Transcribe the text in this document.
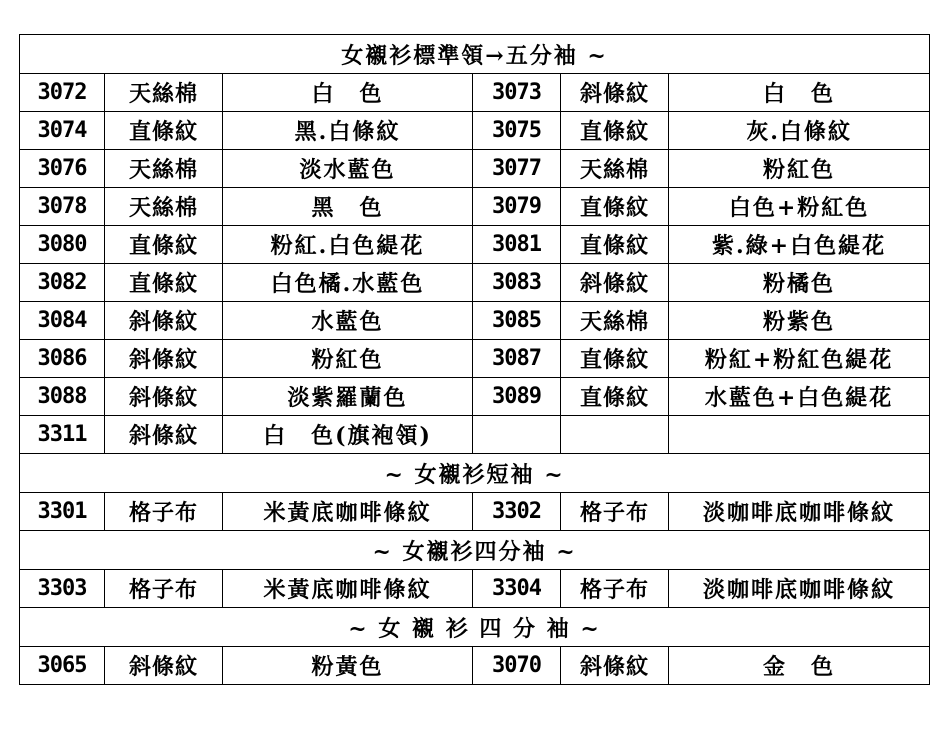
女襯衫標準領→五分袖 ~					
3072	天絲棉	白　色	3073	斜條紋	白　色
3074	直條紋	黑.白條紋	3075	直條紋	灰.白條紋
3076	天絲棉	淡水藍色	3077	天絲棉	粉紅色
3078	天絲棉	黑　色	3079	直條紋	白色+粉紅色
3080	直條紋	粉紅.白色緹花	3081	直條紋	紫.綠+白色緹花
3082	直條紋	白色橘.水藍色	3083	斜條紋	粉橘色
3084	斜條紋	水藍色	3085	天絲棉	粉紫色
3086	斜條紋	粉紅色	3087	直條紋	粉紅+粉紅色緹花
3088	斜條紋	淡紫羅蘭色	3089	直條紋	水藍色+白色緹花
3311	斜條紋	白　色(旗袍領)			
~ 女襯衫短袖 ~					
3301	格子布	米黃底咖啡條紋	3302	格子布	淡咖啡底咖啡條紋
~ 女襯衫四分袖 ~					
3303	格子布	米黃底咖啡條紋	3304	格子布	淡咖啡底咖啡條紋
~ 女 襯 衫 四 分 袖 ~					
3065	斜條紋	粉黃色	3070	斜條紋	金　色
